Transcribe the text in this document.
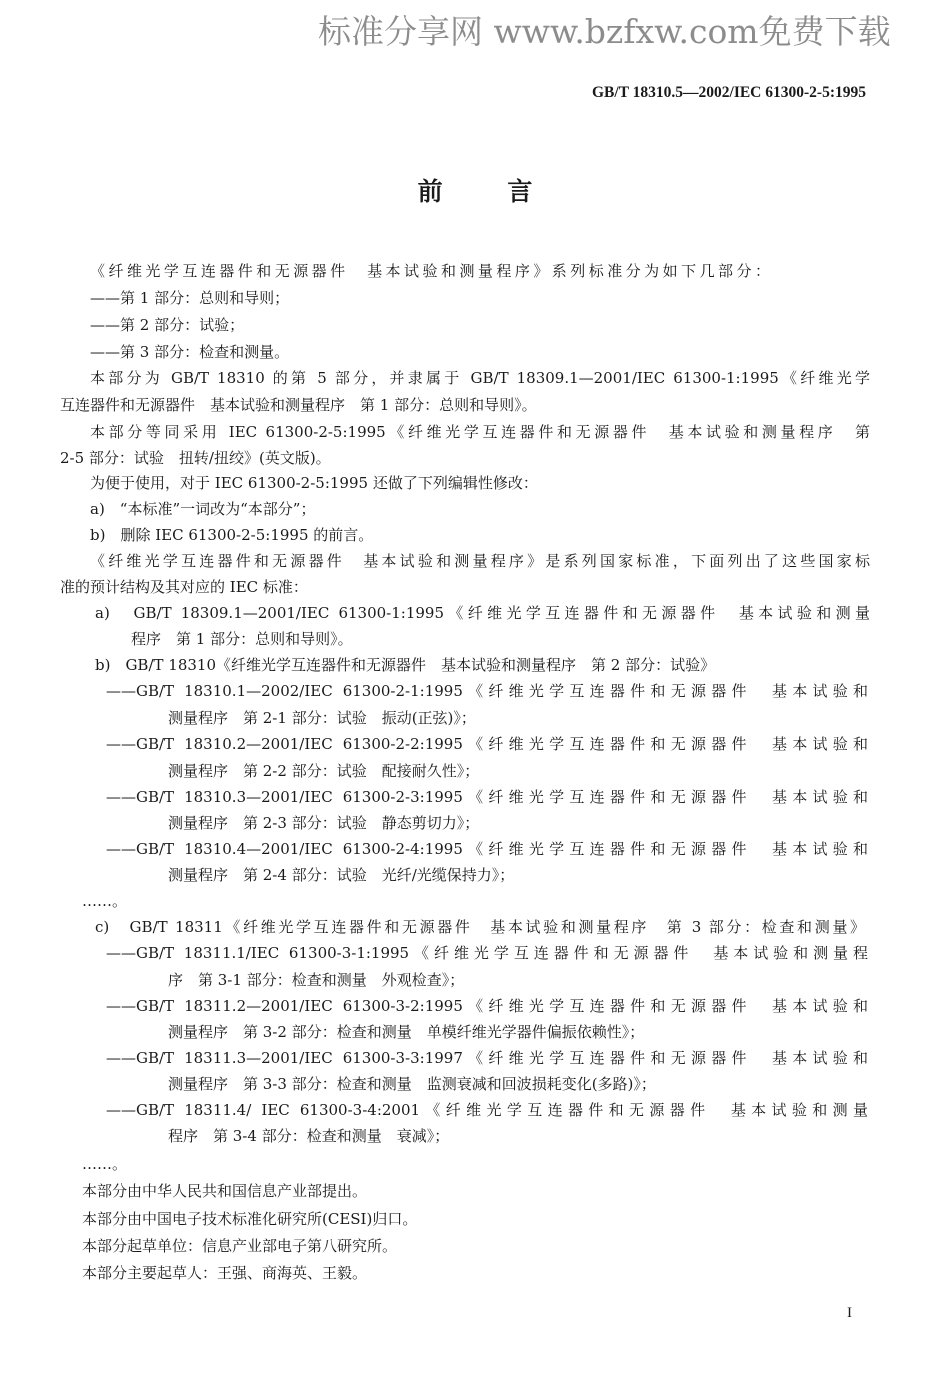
标准分享网 www.bzfxw.com免费下载
GB/T 18310.5—2002/IEC 61300-2-5:1995
前	言
《纤维光学互连器件和无源器件　基本试验和测量程序》系列标准分为如下几部分：
——第 1 部分：总则和导则；
——第 2 部分：试验；
——第 3 部分：检查和测量。
本部分为 GB/T 18310 的第 5 部分，并隶属于 GB/T 18309.1—2001/IEC 61300-1:1995《纤维光学
互连器件和无源器件　基本试验和测量程序　第 1 部分：总则和导则》。
本部分等同采用 IEC 61300-2-5:1995《纤维光学互连器件和无源器件　基本试验和测量程序　第
2-5 部分：试验　扭转/扭绞》(英文版)。
为便于使用，对于 IEC 61300-2-5:1995 还做了下列编辑性修改：
a)　“本标准”一词改为“本部分”；
b)　删除 IEC 61300-2-5:1995 的前言。
《纤维光学互连器件和无源器件　基本试验和测量程序》是系列国家标准，下面列出了这些国家标
准的预计结构及其对应的 IEC 标准：
a)　GB/T 18309.1—2001/IEC 61300-1:1995《纤维光学互连器件和无源器件　基本试验和测量
程序　第 1 部分：总则和导则》。
b)　GB/T 18310《纤维光学互连器件和无源器件　基本试验和测量程序　第 2 部分：试验》
——GB/T 18310.1—2002/IEC 61300-2-1:1995《纤维光学互连器件和无源器件　基本试验和
测量程序　第 2-1 部分：试验　振动(正弦)》；
——GB/T 18310.2—2001/IEC 61300-2-2:1995《纤维光学互连器件和无源器件　基本试验和
测量程序　第 2-2 部分：试验　配接耐久性》；
——GB/T 18310.3—2001/IEC 61300-2-3:1995《纤维光学互连器件和无源器件　基本试验和
测量程序　第 2-3 部分：试验　静态剪切力》；
——GB/T 18310.4—2001/IEC 61300-2-4:1995《纤维光学互连器件和无源器件　基本试验和
测量程序　第 2-4 部分：试验　光纤/光缆保持力》；
……。
c)　GB/T 18311《纤维光学互连器件和无源器件　基本试验和测量程序　第 3 部分：检查和测量》
——GB/T 18311.1/IEC 61300-3-1:1995《纤维光学互连器件和无源器件　基本试验和测量程
序　第 3-1 部分：检查和测量　外观检查》；
——GB/T 18311.2—2001/IEC 61300-3-2:1995《纤维光学互连器件和无源器件　基本试验和
测量程序　第 3-2 部分：检查和测量　单模纤维光学器件偏振依赖性》；
——GB/T 18311.3—2001/IEC 61300-3-3:1997《纤维光学互连器件和无源器件　基本试验和
测量程序　第 3-3 部分：检查和测量　监测衰减和回波损耗变化(多路)》；
——GB/T 18311.4/ IEC 61300-3-4:2001《纤维光学互连器件和无源器件　基本试验和测量
程序　第 3-4 部分：检查和测量　衰减》；
……。
本部分由中华人民共和国信息产业部提出。
本部分由中国电子技术标准化研究所(CESI)归口。
本部分起草单位：信息产业部电子第八研究所。
本部分主要起草人：王强、商海英、王毅。
I
